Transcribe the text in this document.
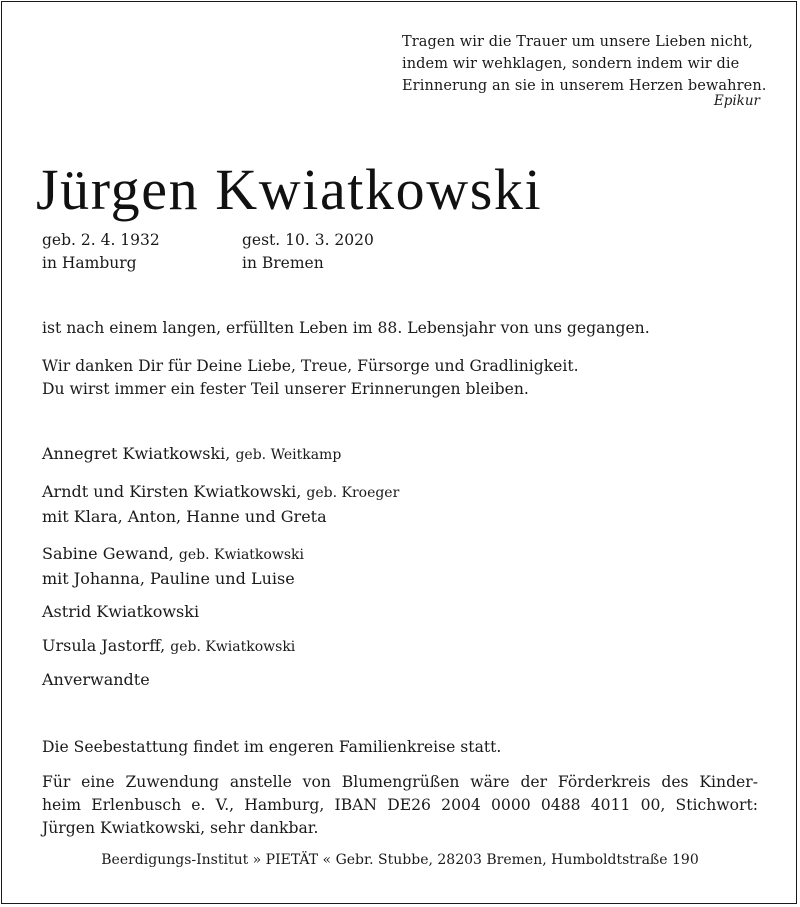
Tragen wir die Trauer um unsere Lieben nicht,
indem wir wehklagen, sondern indem wir die
Erinnerung an sie in unserem Herzen bewahren.
Epikur
Jürgen Kwiatkowski
geb. 2. 4. 1932
in Hamburg
gest. 10. 3. 2020
in Bremen
ist nach einem langen, erfüllten Leben im 88. Lebensjahr von uns gegangen.
Wir danken Dir für Deine Liebe, Treue, Fürsorge und Gradlinigkeit.
Du wirst immer ein fester Teil unserer Erinnerungen bleiben.
Annegret Kwiatkowski, geb. Weitkamp
Arndt und Kirsten Kwiatkowski, geb. Kroeger
mit Klara, Anton, Hanne und Greta
Sabine Gewand, geb. Kwiatkowski
mit Johanna, Pauline und Luise
Astrid Kwiatkowski
Ursula Jastorff, geb. Kwiatkowski
Anverwandte
Die Seebestattung findet im engeren Familienkreise statt.
Für eine Zuwendung anstelle von Blumengrüßen wäre der Förderkreis des Kinder-
heim Erlenbusch e. V., Hamburg, IBAN DE26 2004 0000 0488 4011 00, Stichwort:
Jürgen Kwiatkowski, sehr dankbar.
Beerdigungs-Institut » PIETÄT « Gebr. Stubbe, 28203 Bremen, Humboldtstraße 190
